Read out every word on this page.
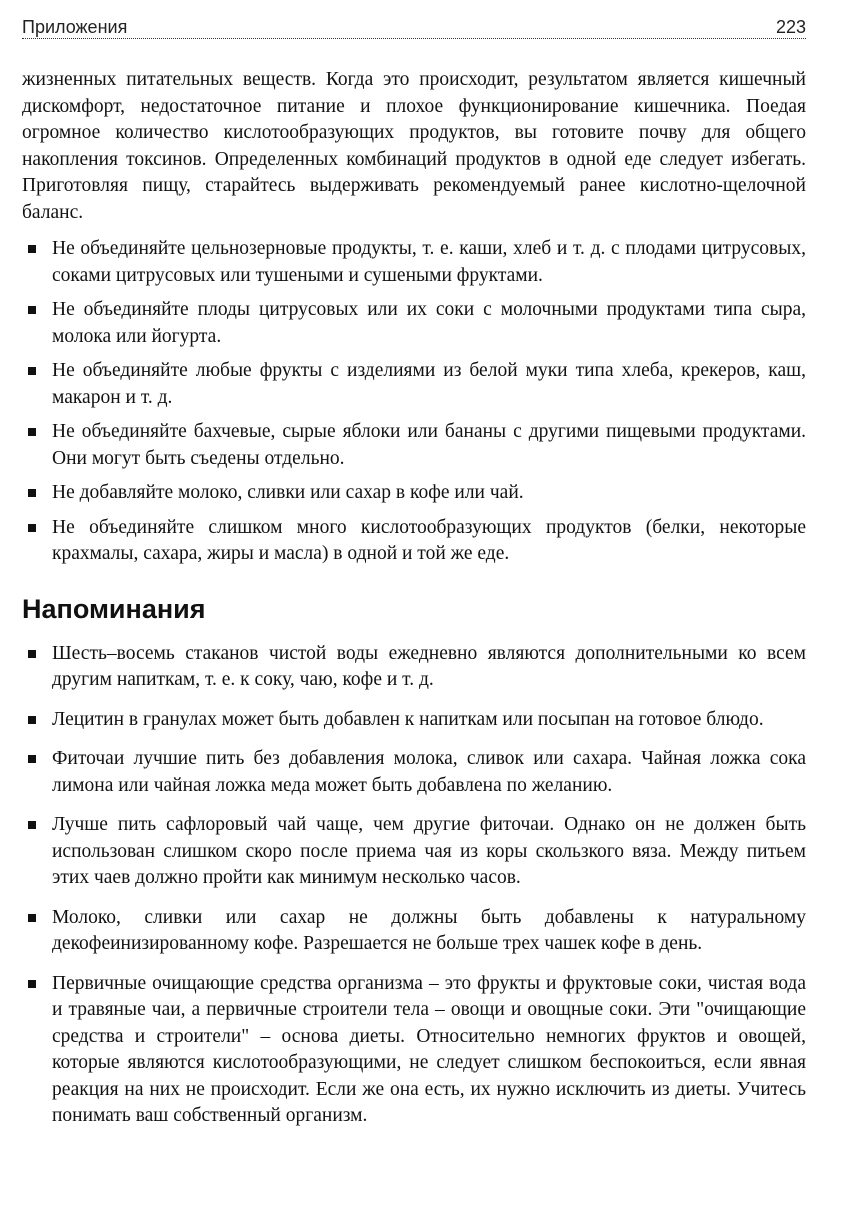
Приложения	223

жизненных питательных веществ. Когда это происходит, результатом является кишечный дискомфорт, недостаточное питание и плохое функционирование кишечника. Поедая огромное количество кислотообразующих продуктов, вы готовите почву для общего накопления токсинов. Определенных комбинаций продуктов в одной еде следует избегать. Приготовляя пищу, старайтесь выдерживать рекомендуемый ранее кислотно-щелочной баланс.

Не объединяйте цельнозерновые продукты, т. е. каши, хлеб и т. д. с плодами цитрусовых, соками цитрусовых или тушеными и сушеными фруктами.
Не объединяйте плоды цитрусовых или их соки с молочными продуктами типа сыра, молока или йогурта.
Не объединяйте любые фрукты с изделиями из белой муки типа хлеба, крекеров, каш, макарон и т. д.
Не объединяйте бахчевые, сырые яблоки или бананы с другими пищевыми продуктами. Они могут быть съедены отдельно.
Не добавляйте молоко, сливки или сахар в кофе или чай.
Не объединяйте слишком много кислотообразующих продуктов (белки, некоторые крахмалы, сахара, жиры и масла) в одной и той же еде.
Напоминания
Шесть–восемь стаканов чистой воды ежедневно являются дополнительными ко всем другим напиткам, т. е. к соку, чаю, кофе и т. д.
Лецитин в гранулах может быть добавлен к напиткам или посыпан на готовое блюдо.
Фиточаи лучшие пить без добавления молока, сливок или сахара. Чайная ложка сока лимона или чайная ложка меда может быть добавлена по желанию.
Лучше пить сафлоровый чай чаще, чем другие фиточаи. Однако он не должен быть использован слишком скоро после приема чая из коры скользкого вяза. Между питьем этих чаев должно пройти как минимум несколько часов.
Молоко, сливки или сахар не должны быть добавлены к натуральному декофеинизированному кофе. Разрешается не больше трех чашек кофе в день.
Первичные очищающие средства организма – это фрукты и фруктовые соки, чистая вода и травяные чаи, а первичные строители тела – овощи и овощные соки. Эти "очищающие средства и строители" – основа диеты. Относительно немногих фруктов и овощей, которые являются кислотообразующими, не следует слишком беспокоиться, если явная реакция на них не происходит. Если же она есть, их нужно исключить из диеты. Учитесь понимать ваш собственный организм.
